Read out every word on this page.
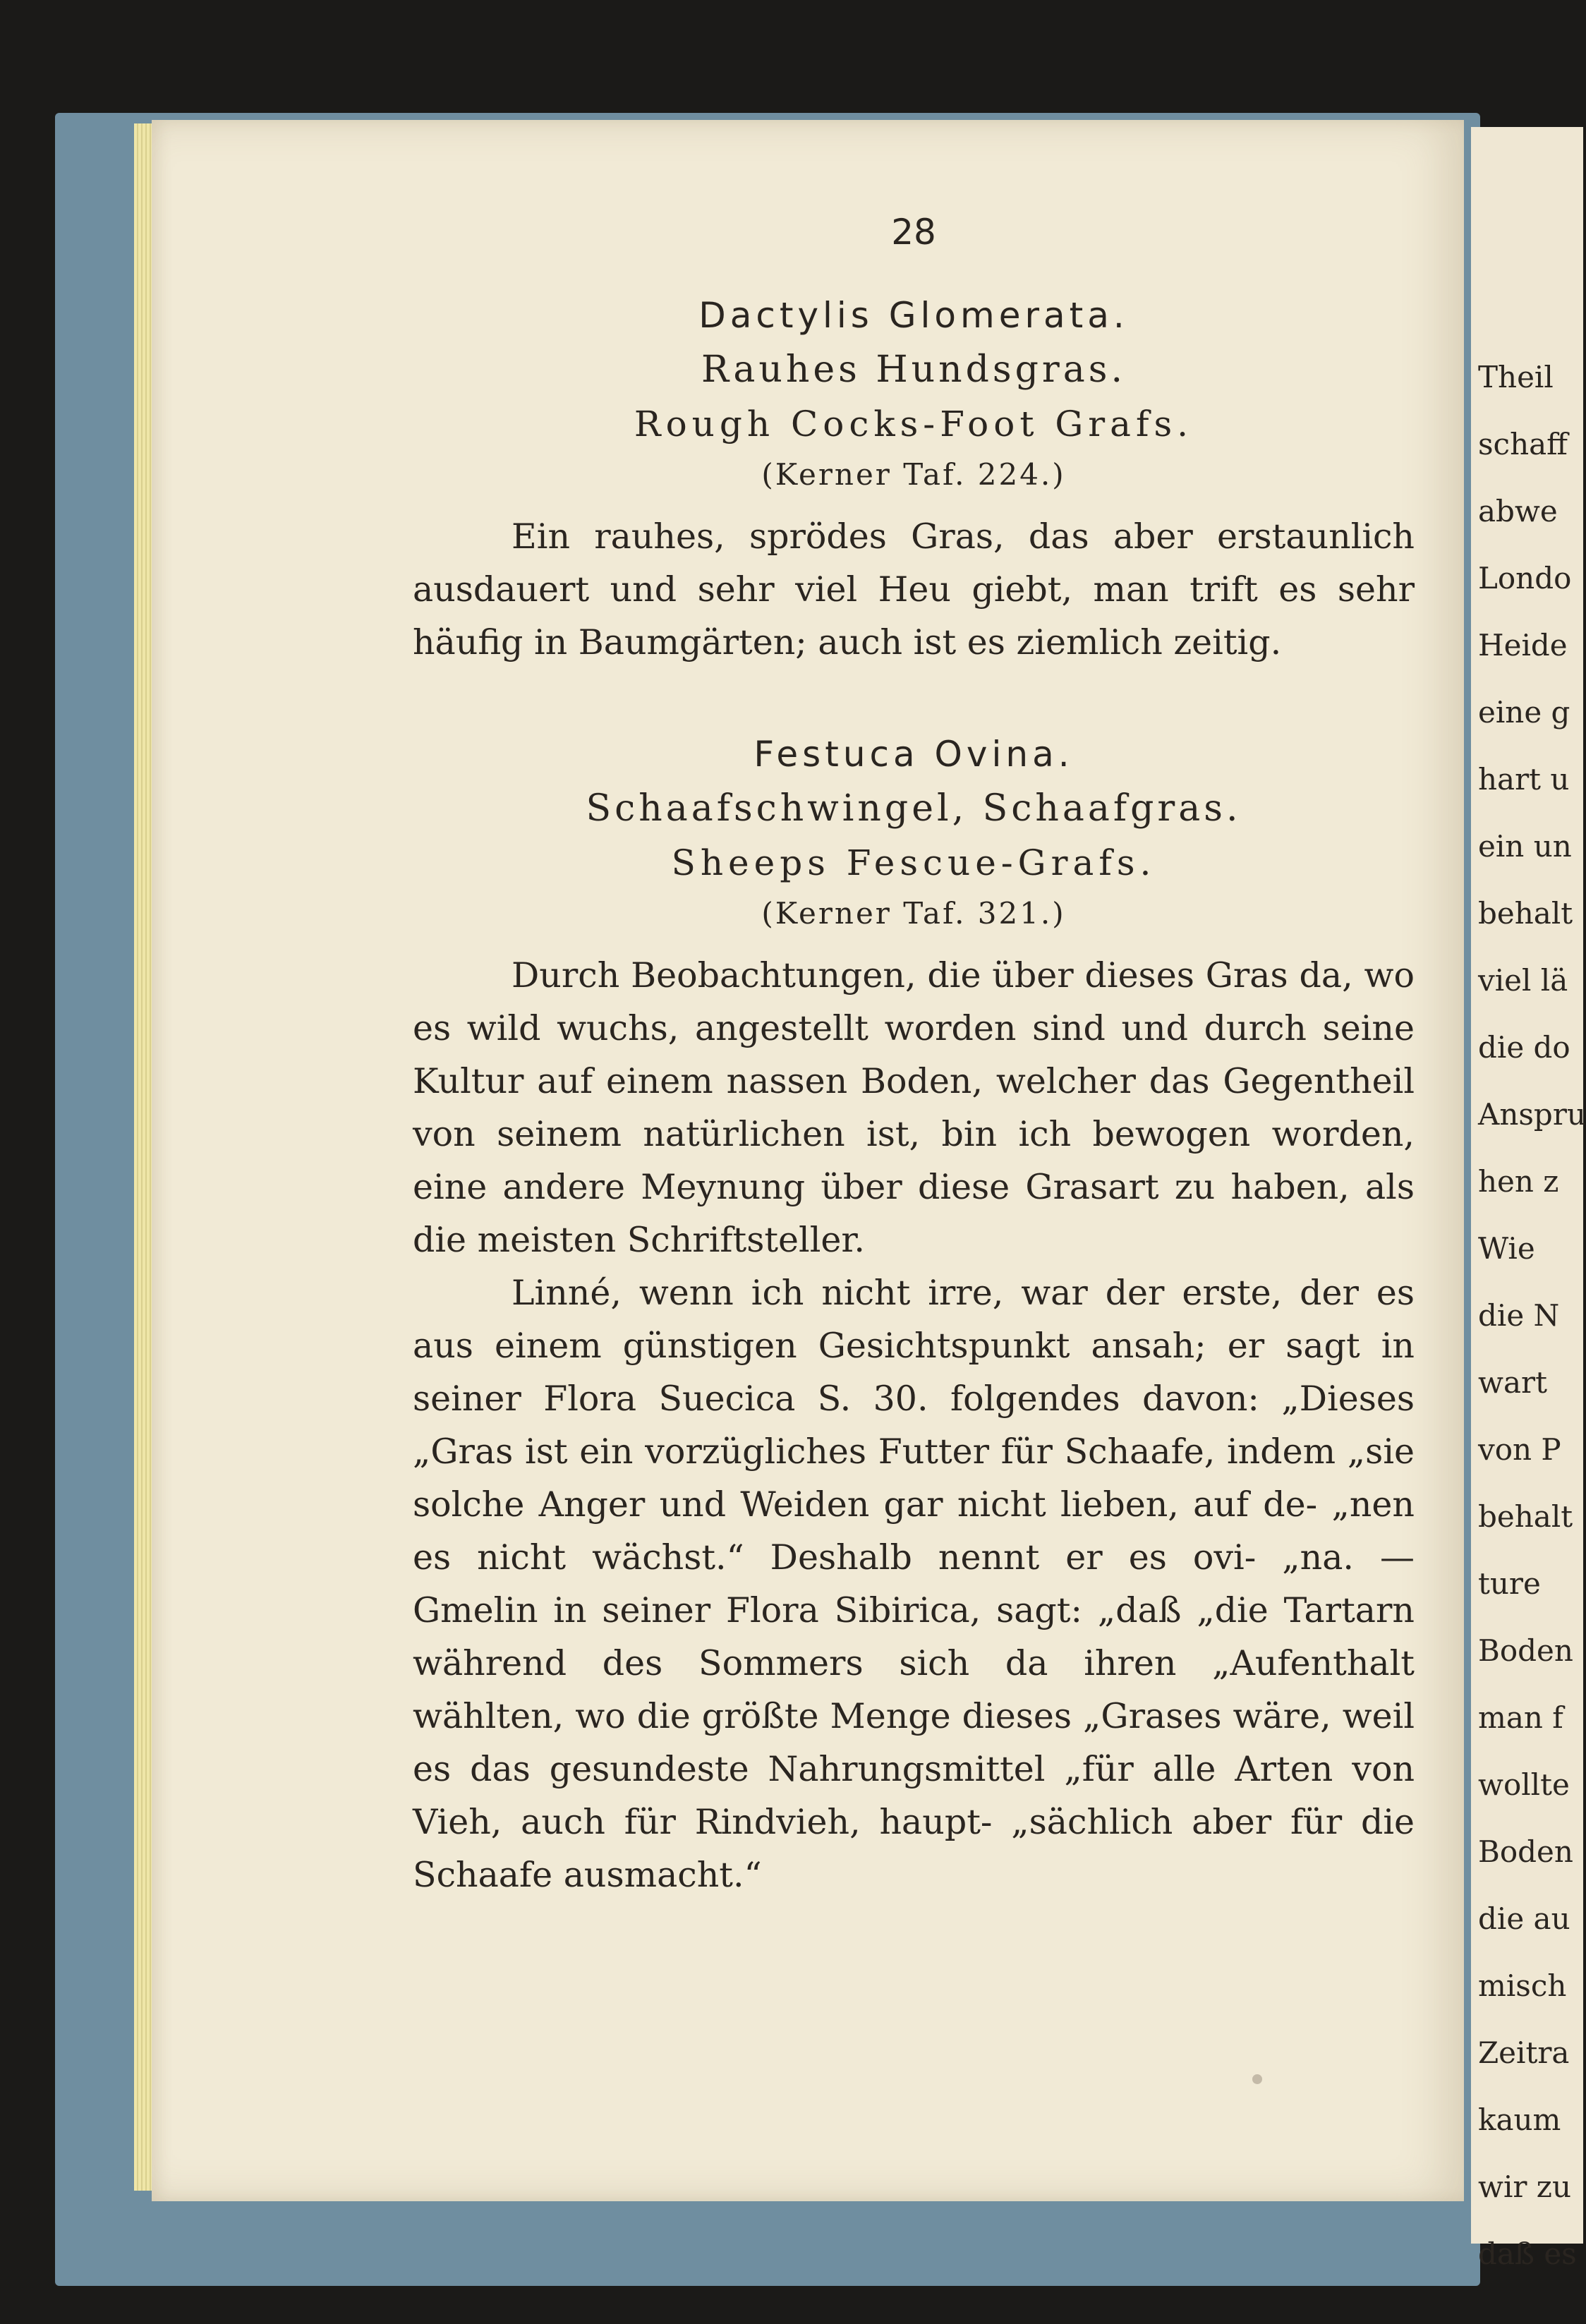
28
Dactylis Glomerata.
Rauhes Hundsgras.
Rough Cocks-Foot Grafs.
(Kerner Taf. 224.)

Ein rauhes, sprödes Gras, das aber erstaunlich ausdauert und sehr viel Heu giebt, man trift es sehr häufig in Baumgärten; auch ist es ziemlich zeitig.

Festuca Ovina.
Schaafschwingel, Schaafgras.
Sheeps Fescue-Grafs.
(Kerner Taf. 321.)

Durch Beobachtungen, die über dieses Gras da, wo es wild wuchs, angestellt worden sind und durch seine Kultur auf einem nassen Boden, welcher das Gegentheil von seinem natürlichen ist, bin ich bewogen worden, eine andere Meynung über diese Grasart zu haben, als die meisten Schriftsteller.

Linné, wenn ich nicht irre, war der erste, der es aus einem günstigen Gesichtspunkt ansah; er sagt in seiner Flora Suecica S. 30. folgendes davon: „Dieses „Gras ist ein vorzügliches Futter für Schaafe, indem „sie solche Anger und Weiden gar nicht lieben, auf de- „nen es nicht wächst.“ Deshalb nennt er es ovi- „na. — Gmelin in seiner Flora Sibirica, sagt: „daß „die Tartarn während des Sommers sich da ihren „Aufenthalt wählten, wo die größte Menge dieses „Grases wäre, weil es das gesundeste Nahrungsmittel „für alle Arten von Vieh, auch für Rindvieh, haupt- „sächlich aber für die Schaafe ausmacht.“

Theil
schaff
abwe
Londo
Heide
eine g
hart u
ein un
behalt
viel lä
die do
Anspru
hen z
Wie
die N
wart
von P
behalt
ture
Boden
man f
wollte
Boden
die au
misch
Zeitra
kaum
wir zu
daß es
